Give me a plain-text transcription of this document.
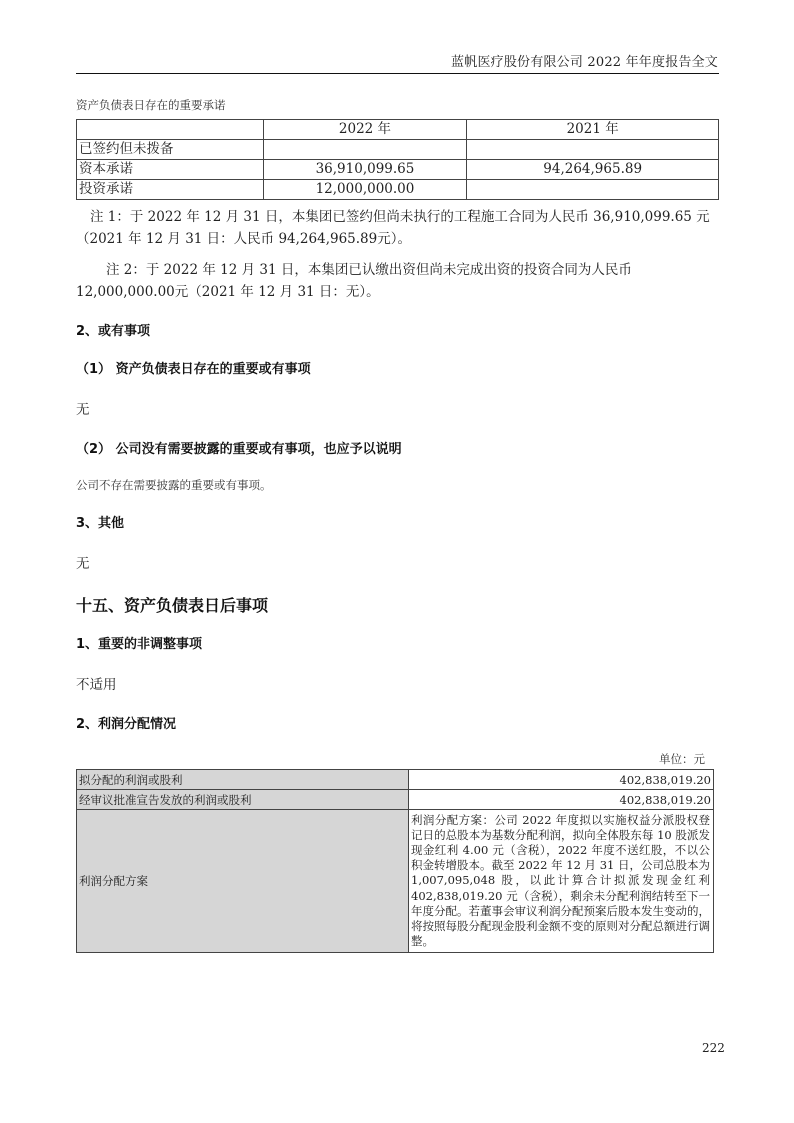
蓝帆医疗股份有限公司 2022 年年度报告全文
资产负债表日存在的重要承诺
	2022 年	2021 年
已签约但未拨备		
资本承诺	36,910,099.65	94,264,965.89
投资承诺	12,000,000.00	
注 1：于 2022 年 12 月 31 日，本集团已签约但尚未执行的工程施工合同为人民币 36,910,099.65 元
（2021 年 12 月 31 日：人民币 94,264,965.89元）。
注 2：于 2022 年 12 月 31 日，本集团已认缴出资但尚未完成出资的投资合同为人民币
12,000,000.00元（2021 年 12 月 31 日：无）。
2、或有事项
（1） 资产负债表日存在的重要或有事项
无
（2） 公司没有需要披露的重要或有事项，也应予以说明
公司不存在需要披露的重要或有事项。
3、其他
无
十五、资产负债表日后事项
1、重要的非调整事项
不适用
2、利润分配情况
单位：元
拟分配的利润或股利	402,838,019.20
经审议批准宣告发放的利润或股利	402,838,019.20
利润分配方案	利润分配方案：公司 2022 年度拟以实施权益分派股权登记日的总股本为基数分配利润，拟向全体股东每 10 股派发现金红利 4.00 元（含税），2022 年度不送红股，不以公积金转增股本。截至 2022 年 12 月 31 日，公司总股本为 1,007,095,048 股，以此计算合计拟派发现金红利 402,838,019.20 元（含税），剩余未分配利润结转至下一年度分配。若董事会审议利润分配预案后股本发生变动的，将按照每股分配现金股利金额不变的原则对分配总额进行调整。
222
